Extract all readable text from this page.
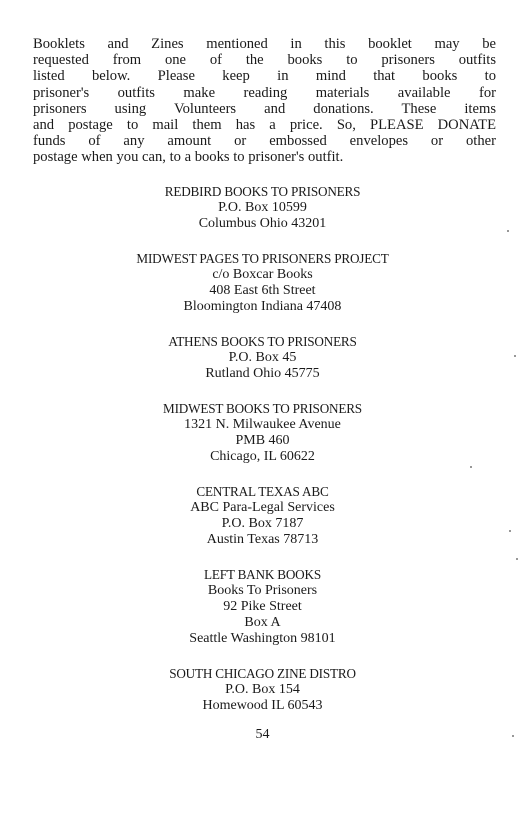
Booklets and Zines mentioned in this booklet may be
requested from one of the books to prisoners outfits
listed below. Please keep in mind that books to
prisoner's outfits make reading materials available for
prisoners using Volunteers and donations. These items
and postage to mail them has a price. So, PLEASE DONATE
funds of any amount or embossed envelopes or other
postage when you can, to a books to prisoner's outfit.
REDBIRD BOOKS TO PRISONERS
P.O. Box 10599
Columbus Ohio 43201
MIDWEST PAGES TO PRISONERS PROJECT
c/o Boxcar Books
408 East 6th Street
Bloomington Indiana 47408
ATHENS BOOKS TO PRISONERS
P.O. Box 45
Rutland Ohio 45775
MIDWEST BOOKS TO PRISONERS
1321 N. Milwaukee Avenue
PMB 460
Chicago, IL 60622
CENTRAL TEXAS ABC
ABC Para-Legal Services
P.O. Box 7187
Austin Texas 78713
LEFT BANK BOOKS
Books To Prisoners
92 Pike Street
Box A
Seattle Washington 98101
SOUTH CHICAGO ZINE DISTRO
P.O. Box 154
Homewood IL 60543
54
